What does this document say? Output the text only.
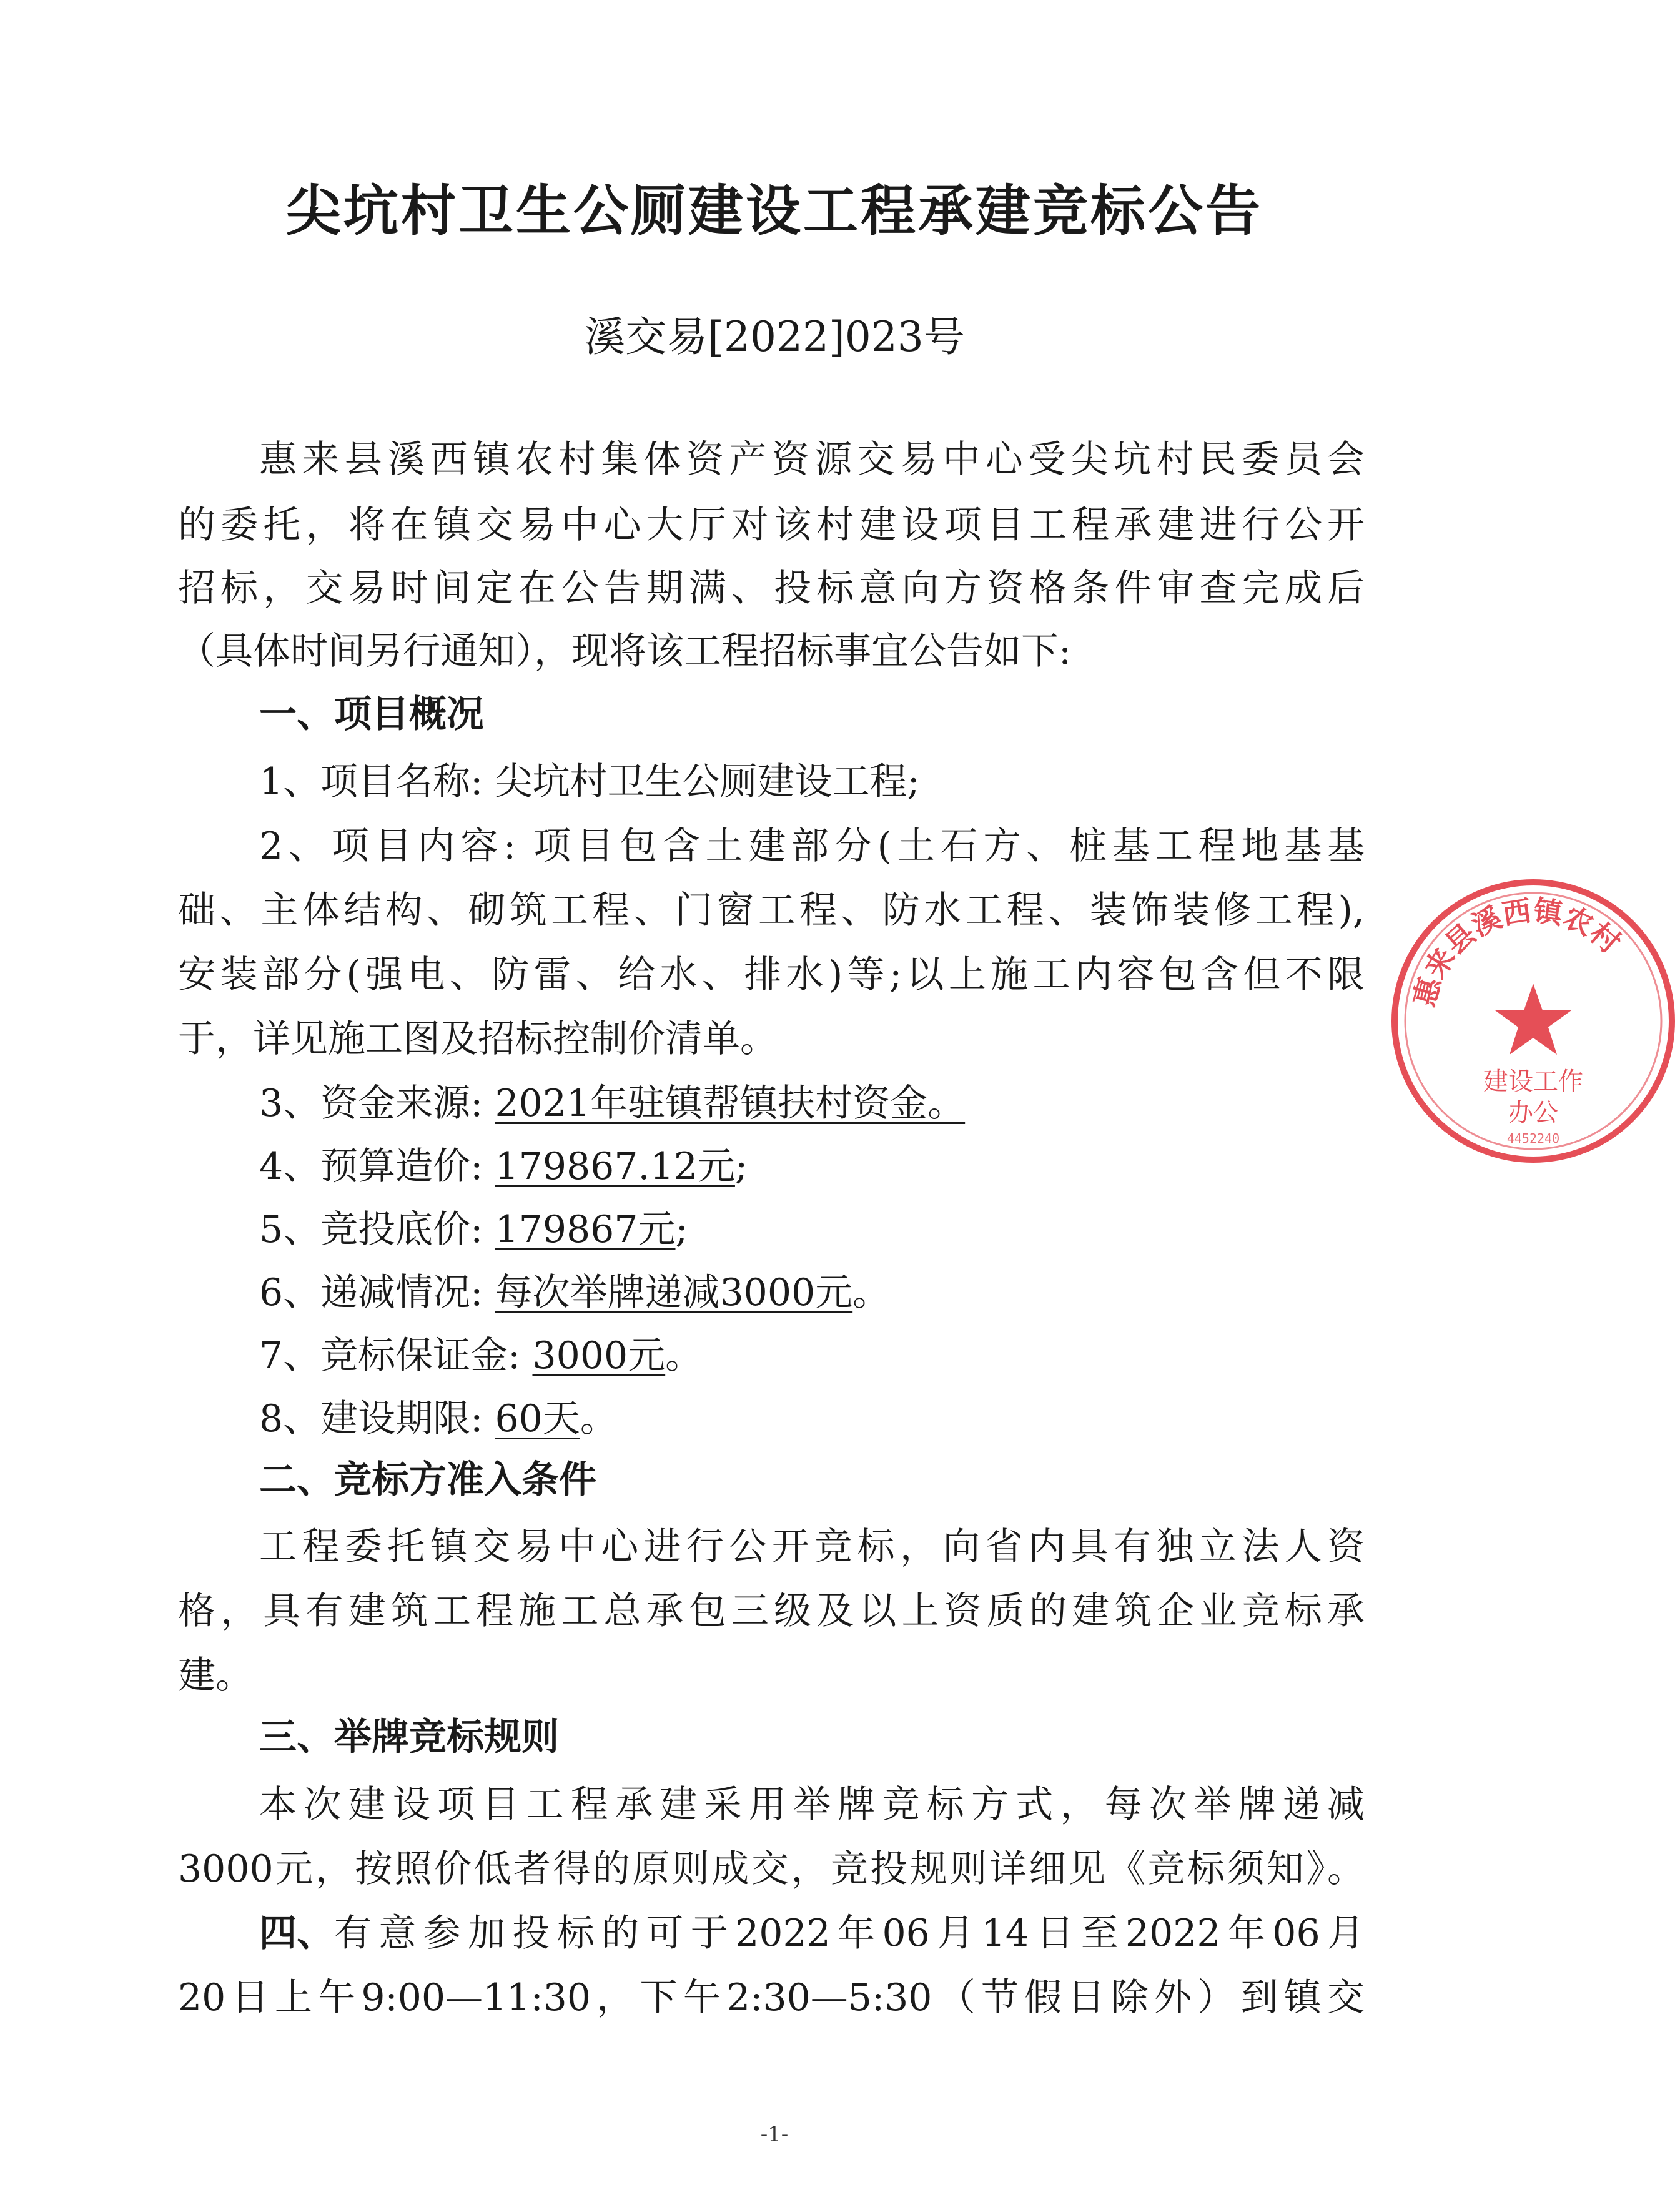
尖坑村卫生公厕建设工程承建竞标公告
溪交易[2022]023号
惠来县溪西镇农村集体资产资源交易中心受尖坑村民委员会
的委托，将在镇交易中心大厅对该村建设项目工程承建进行公开
招标，交易时间定在公告期满、投标意向方资格条件审查完成后
（具体时间另行通知），现将该工程招标事宜公告如下:
一、项目概况
1、项目名称: 尖坑村卫生公厕建设工程;
2、项目内容: 项目包含土建部分(土石方、桩基工程地基基
础、主体结构、砌筑工程、门窗工程、防水工程、装饰装修工程),
安装部分(强电、防雷、给水、排水)等;以上施工内容包含但不限
于，详见施工图及招标控制价清单。
3、资金来源: 2021年驻镇帮镇扶村资金。
4、预算造价: 179867.12元;
5、竞投底价: 179867元;
6、递减情况: 每次举牌递减3000元。
7、竞标保证金: 3000元。
8、建设期限: 60天。
二、竞标方准入条件
工程委托镇交易中心进行公开竞标，向省内具有独立法人资
格，具有建筑工程施工总承包三级及以上资质的建筑企业竞标承
建。
三、举牌竞标规则
本次建设项目工程承建采用举牌竞标方式，每次举牌递减
3000元，按照价低者得的原则成交，竞投规则详细见《竞标须知》。
四、 有意参加投标的可于2022年06月14日至2022年06月
20日上午9:00—11:30，下午2:30—5:30（节假日除外）到镇交
惠来县溪西镇农村
建设工作
办公
4452240
-1-
